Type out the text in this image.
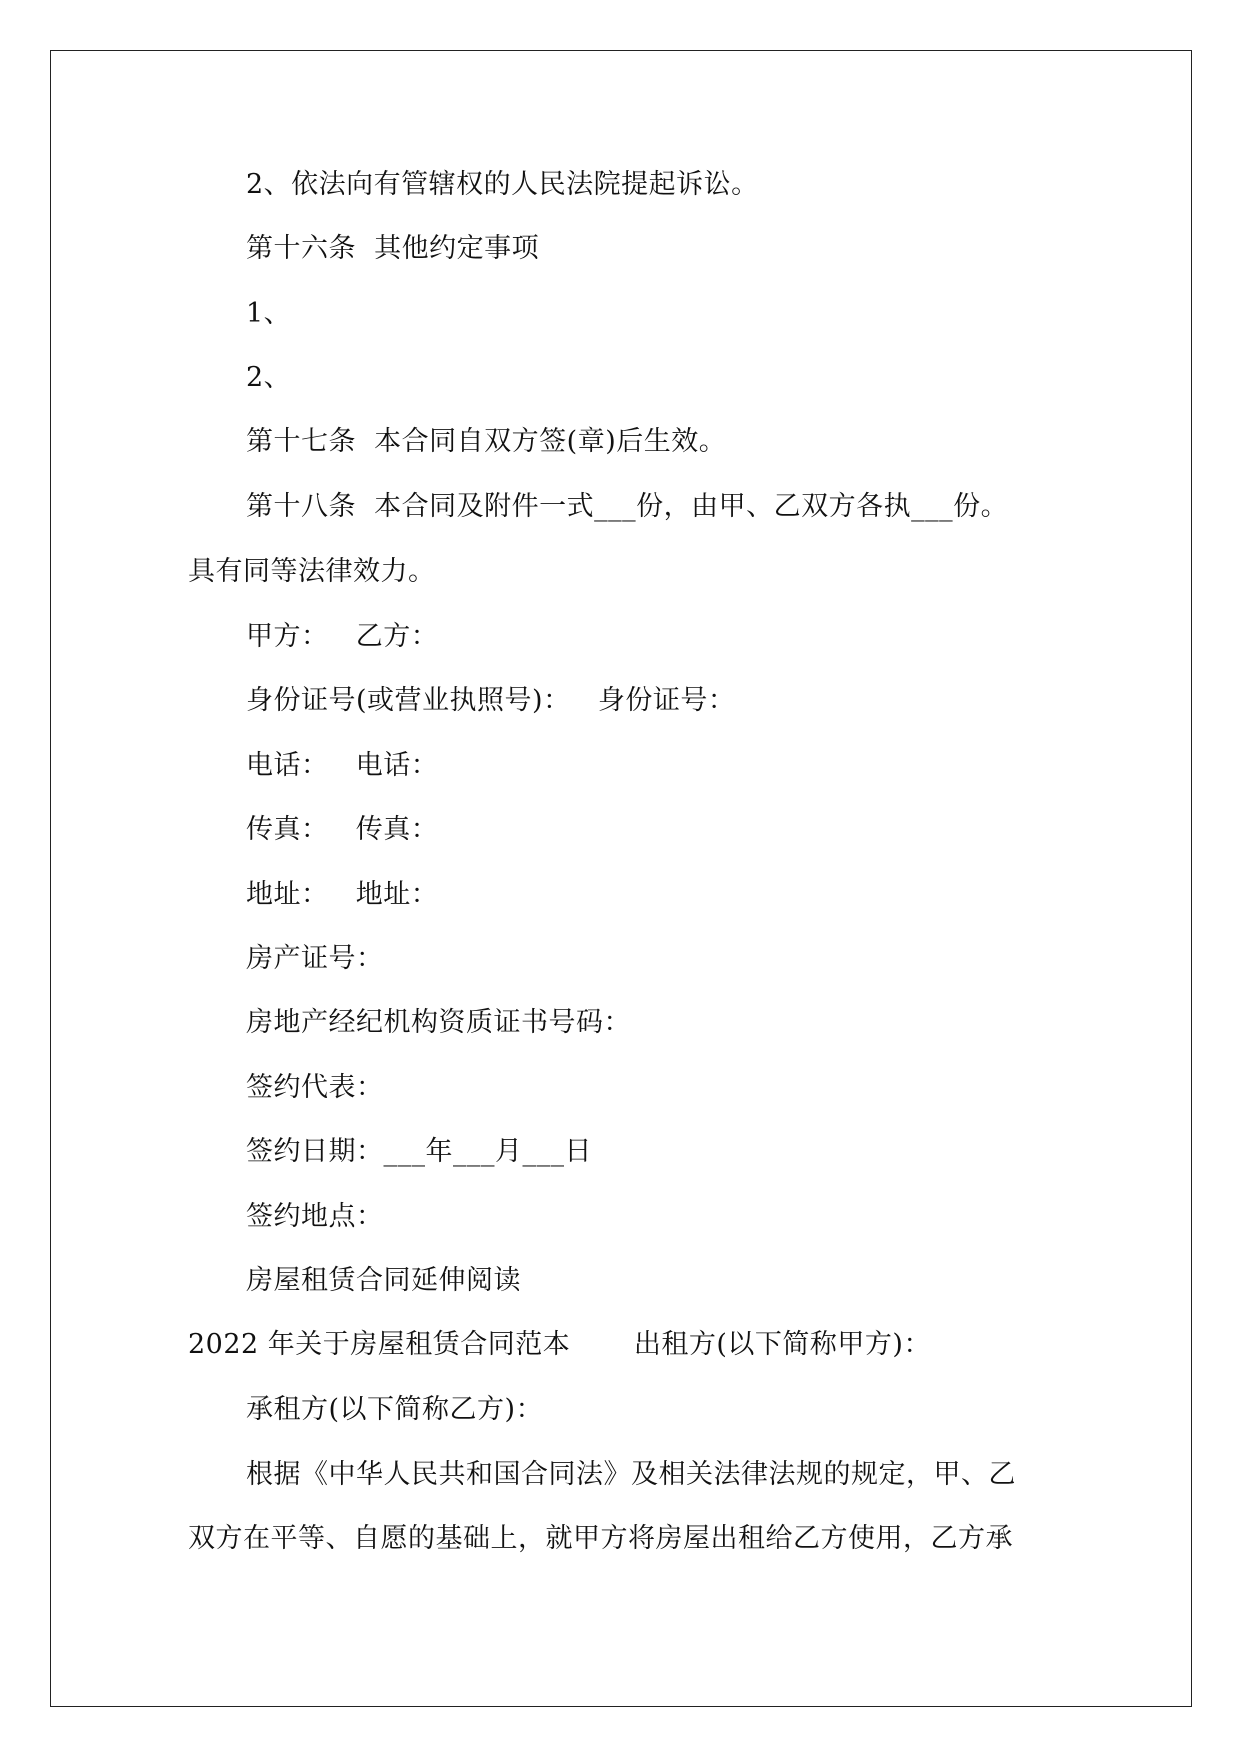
2、依法向有管辖权的人民法院提起诉讼。
第十六条  其他约定事项
1、
2、
第十七条  本合同自双方签(章)后生效。
第十八条  本合同及附件一式___份，由甲、乙双方各执___份。
具有同等法律效力。
甲方：   乙方：
身份证号(或营业执照号)：   身份证号：
电话：   电话：
传真：   传真：
地址：   地址：
房产证号：
房地产经纪机构资质证书号码：
签约代表：
签约日期：___年___月___日
签约地点：
房屋租赁合同延伸阅读
2022 年关于房屋租赁合同范本       出租方(以下简称甲方)：
承租方(以下简称乙方)：
根据《中华人民共和国合同法》及相关法律法规的规定，甲、乙
双方在平等、自愿的基础上，就甲方将房屋出租给乙方使用，乙方承
